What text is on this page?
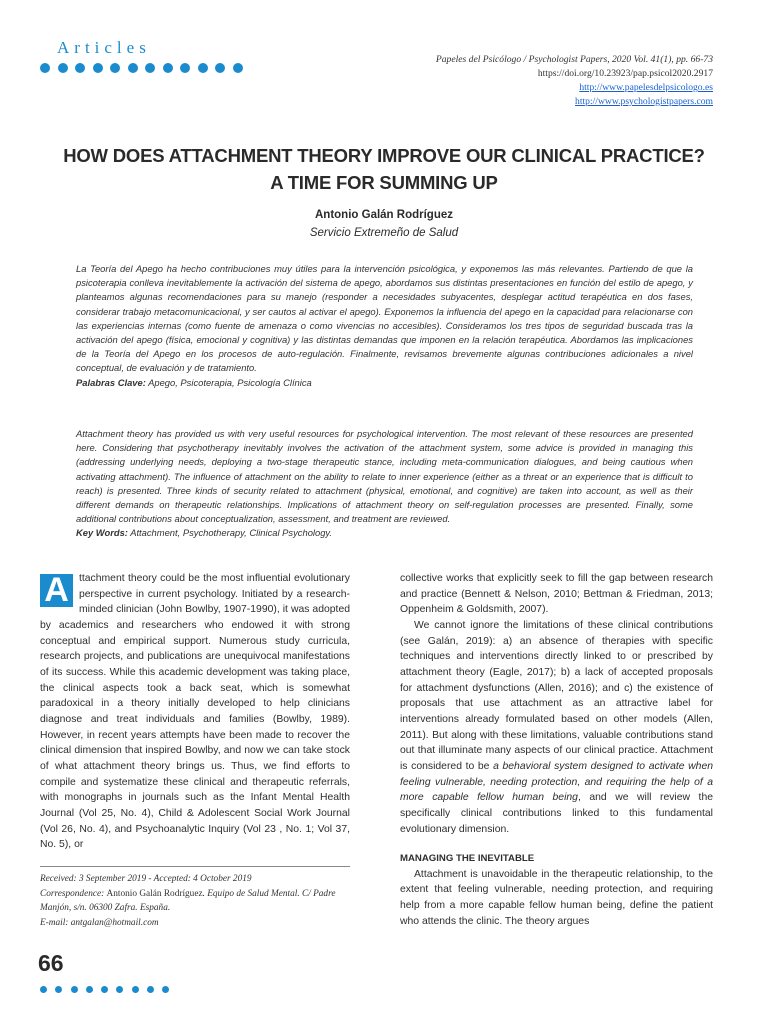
Articles
Papeles del Psicólogo / Psychologist Papers, 2020 Vol. 41(1), pp. 66-73
https://doi.org/10.23923/pap.psicol2020.2917
http://www.papelesdelpsicologo.es
http://www.psychologistpapers.com
HOW DOES ATTACHMENT THEORY IMPROVE OUR CLINICAL PRACTICE?
A TIME FOR SUMMING UP
Antonio Galán Rodríguez
Servicio Extremeño de Salud
La Teoría del Apego ha hecho contribuciones muy útiles para la intervención psicológica, y exponemos las más relevantes. Partiendo de que la psicoterapia conlleva inevitablemente la activación del sistema de apego, abordamos sus distintas presentaciones en función del estilo de apego, y planteamos algunas recomendaciones para su manejo (responder a necesidades subyacentes, desplegar actitud terapéutica en dos fases, considerar trabajo metacomunicacional, y ser cautos al activar el apego). Exponemos la influencia del apego en la capacidad para relacionarse con las experiencias internas (como fuente de amenaza o como vivencias no accesibles). Consideramos los tres tipos de seguridad buscada tras la activación del apego (física, emocional y cognitiva) y las distintas demandas que imponen en la relación terapéutica. Abordamos las implicaciones de la Teoría del Apego en los procesos de auto-regulación. Finalmente, revisamos brevemente algunas contribuciones adicionales a nivel conceptual, de evaluación y de tratamiento.
Palabras Clave: Apego, Psicoterapia, Psicología Clínica
Attachment theory has provided us with very useful resources for psychological intervention. The most relevant of these resources are presented here. Considering that psychotherapy inevitably involves the activation of the attachment system, some advice is provided in managing this (addressing underlying needs, deploying a two-stage therapeutic stance, including meta-communication dialogues, and being cautious when activating attachment). The influence of attachment on the ability to relate to inner experience (either as a threat or an experience that is difficult to reach) is presented. Three kinds of security related to attachment (physical, emotional, and cognitive) are taken into account, as well as their different demands on therapeutic relationships. Implications of attachment theory on self-regulation processes are presented. Finally, some additional contributions about conceptualization, assessment, and treatment are reviewed.
Key Words: Attachment, Psychotherapy, Clinical Psychology.

A ttachment theory could be the most influential evolutionary perspective in current psychology. Initiated by a research-minded clinician (John Bowlby, 1907-1990), it was adopted by academics and researchers who endowed it with strong conceptual and empirical support. Numerous study curricula, research projects, and publications are unequivocal manifestations of its success. While this academic development was taking place, the clinical aspects took a back seat, which is somewhat paradoxical in a theory initially developed to help clinicians diagnose and treat individuals and families (Bowlby, 1989). However, in recent years attempts have been made to recover the clinical dimension that inspired Bowlby, and now we can take stock of what attachment theory brings us. Thus, we find efforts to compile and systematize these clinical and therapeutic referrals, with monographs in journals such as the Infant Mental Health Journal (Vol 25, No. 4), Child & Adolescent Social Work Journal (Vol 26, No. 4), and Psychoanalytic Inquiry (Vol 23 , No. 1; Vol 37, No. 5), or

collective works that explicitly seek to fill the gap between research and practice (Bennett & Nelson, 2010; Bettman & Friedman, 2013; Oppenheim & Goldsmith, 2007).

We cannot ignore the limitations of these clinical contributions (see Galán, 2019): a) an absence of therapies with specific techniques and interventions directly linked to or prescribed by attachment theory (Eagle, 2017); b) a lack of accepted proposals for attachment dysfunctions (Allen, 2016); and c) the existence of proposals that use attachment as an attractive label for interventions already formulated based on other models (Allen, 2011). But along with these limitations, valuable contributions stand out that illuminate many aspects of our clinical practice. Attachment is considered to be a behavioral system designed to activate when feeling vulnerable, needing protection, and requiring the help of a more capable fellow human being, and we will review the specifically clinical contributions linked to this fundamental evolutionary dimension.

MANAGING THE INEVITABLE

Attachment is unavoidable in the therapeutic relationship, to the extent that feeling vulnerable, needing protection, and requiring help from a more capable fellow human being, define the patient who attends the clinic. The theory argues

Received: 3 September 2019 - Accepted: 4 October 2019
Correspondence: Antonio Galán Rodríguez. Equipo de Salud Mental. C/ Padre Manjón, s/n. 06300 Zafra. España.
E-mail: antgalan@hotmail.com
66
